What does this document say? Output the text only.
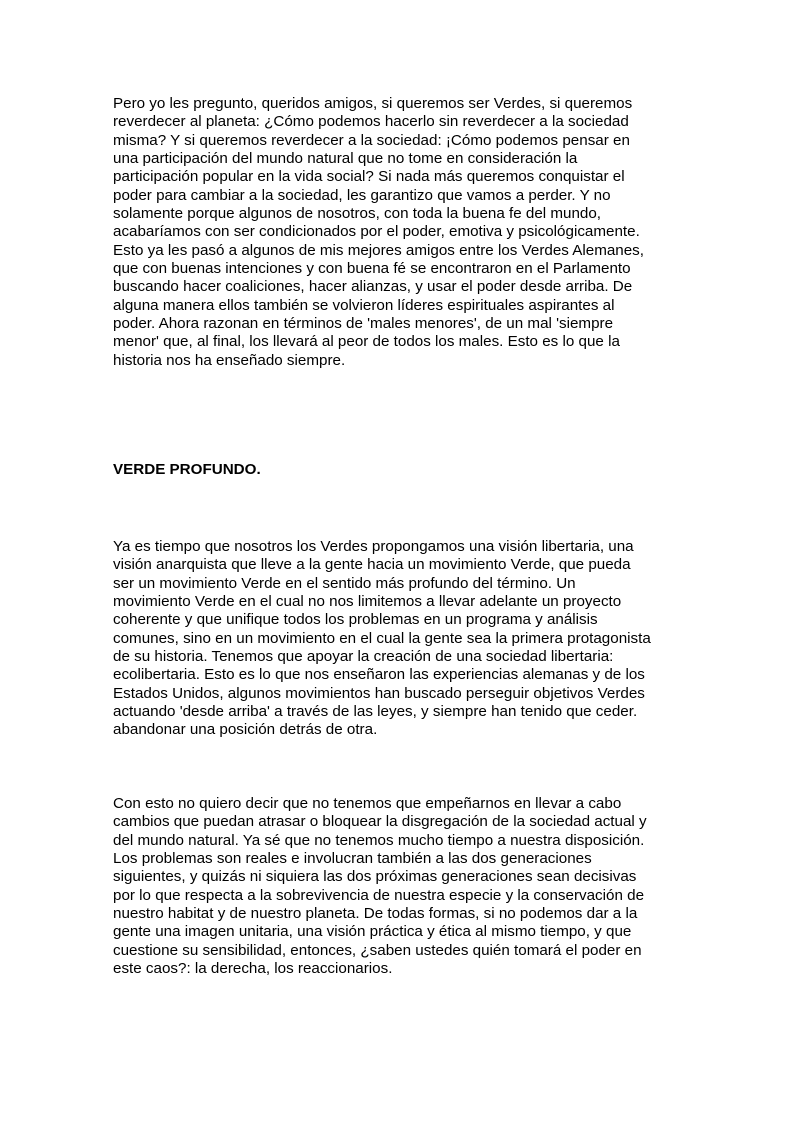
Pero yo les pregunto, queridos amigos, si queremos ser Verdes, si queremos
reverdecer al planeta: ¿Cómo podemos hacerlo sin reverdecer a la sociedad
misma? Y si queremos reverdecer a la sociedad: ¡Cómo podemos pensar en
una participación del mundo natural que no tome en consideración la
participación popular en la vida social? Si nada más queremos conquistar el
poder para cambiar a la sociedad, les garantizo que vamos a perder. Y no
solamente porque algunos de nosotros, con toda la buena fe del mundo,
acabaríamos con ser condicionados por el poder, emotiva y psicológicamente.
Esto ya les pasó a algunos de mis mejores amigos entre los Verdes Alemanes,
que con buenas intenciones y con buena fé se encontraron en el Parlamento
buscando hacer coaliciones, hacer alianzas, y usar el poder desde arriba. De
alguna manera ellos también se volvieron líderes espirituales aspirantes al
poder. Ahora razonan en términos de 'males menores', de un mal 'siempre
menor' que, al final, los llevará al peor de todos los males. Esto es lo que la
historia nos ha enseñado siempre.

VERDE PROFUNDO.

Ya es tiempo que nosotros los Verdes propongamos una visión libertaria, una
visión anarquista que lleve a la gente hacia un movimiento Verde, que pueda
ser un movimiento Verde en el sentido más profundo del término. Un
movimiento Verde en el cual no nos limitemos a llevar adelante un proyecto
coherente y que unifique todos los problemas en un programa y análisis
comunes, sino en un movimiento en el cual la gente sea la primera protagonista
de su historia. Tenemos que apoyar la creación de una sociedad libertaria:
ecolibertaria. Esto es lo que nos enseñaron las experiencias alemanas y de los
Estados Unidos, algunos movimientos han buscado perseguir objetivos Verdes
actuando 'desde arriba' a través de las leyes, y siempre han tenido que ceder.
abandonar una posición detrás de otra.

Con esto no quiero decir que no tenemos que empeñarnos en llevar a cabo
cambios que puedan atrasar o bloquear la disgregación de la sociedad actual y
del mundo natural. Ya sé que no tenemos mucho tiempo a nuestra disposición.
Los problemas son reales e involucran también a las dos generaciones
siguientes, y quizás ni siquiera las dos próximas generaciones sean decisivas
por lo que respecta a la sobrevivencia de nuestra especie y la conservación de
nuestro habitat y de nuestro planeta. De todas formas, si no podemos dar a la
gente una imagen unitaria, una visión práctica y ética al mismo tiempo, y que
cuestione su sensibilidad, entonces, ¿saben ustedes quién tomará el poder en
este caos?: la derecha, los reaccionarios.
